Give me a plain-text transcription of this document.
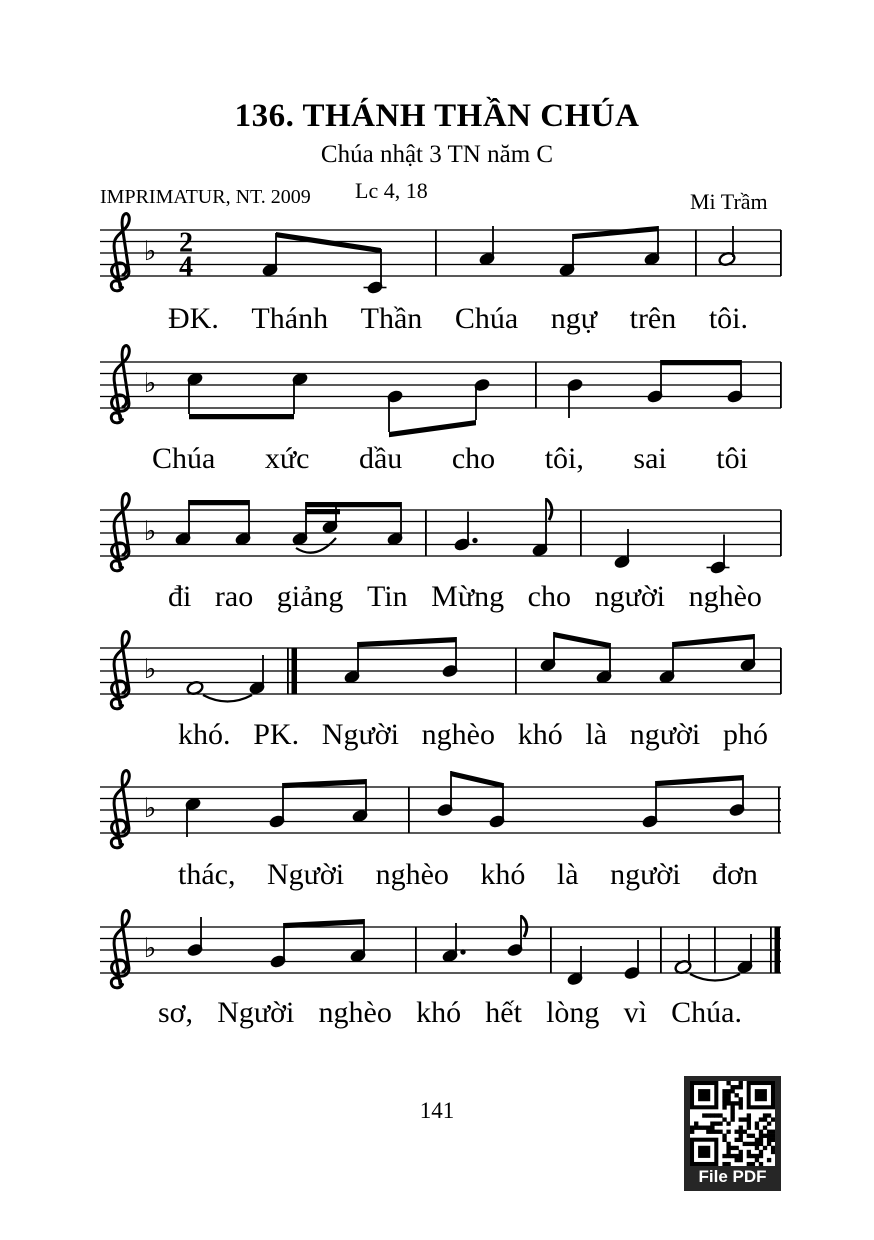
136. THÁNH THẦN CHÚA
Chúa nhật 3 TN năm C
IMPRIMATUR, NT. 2009 Lc 4, 18	Mi Trầm
♭ 2
4
♭
♭
♭
♭
♭
141
File PDF
ĐK. Thánh Thần Chúa ngự trên tôi.
Chúa xức dầu cho tôi, sai tôi
đi rao giảng Tin Mừng cho người nghèo
khó. PK. Người nghèo khó là người phó
thác, Người nghèo khó là người đơn
sơ, Người nghèo khó hết lòng vì Chúa.
